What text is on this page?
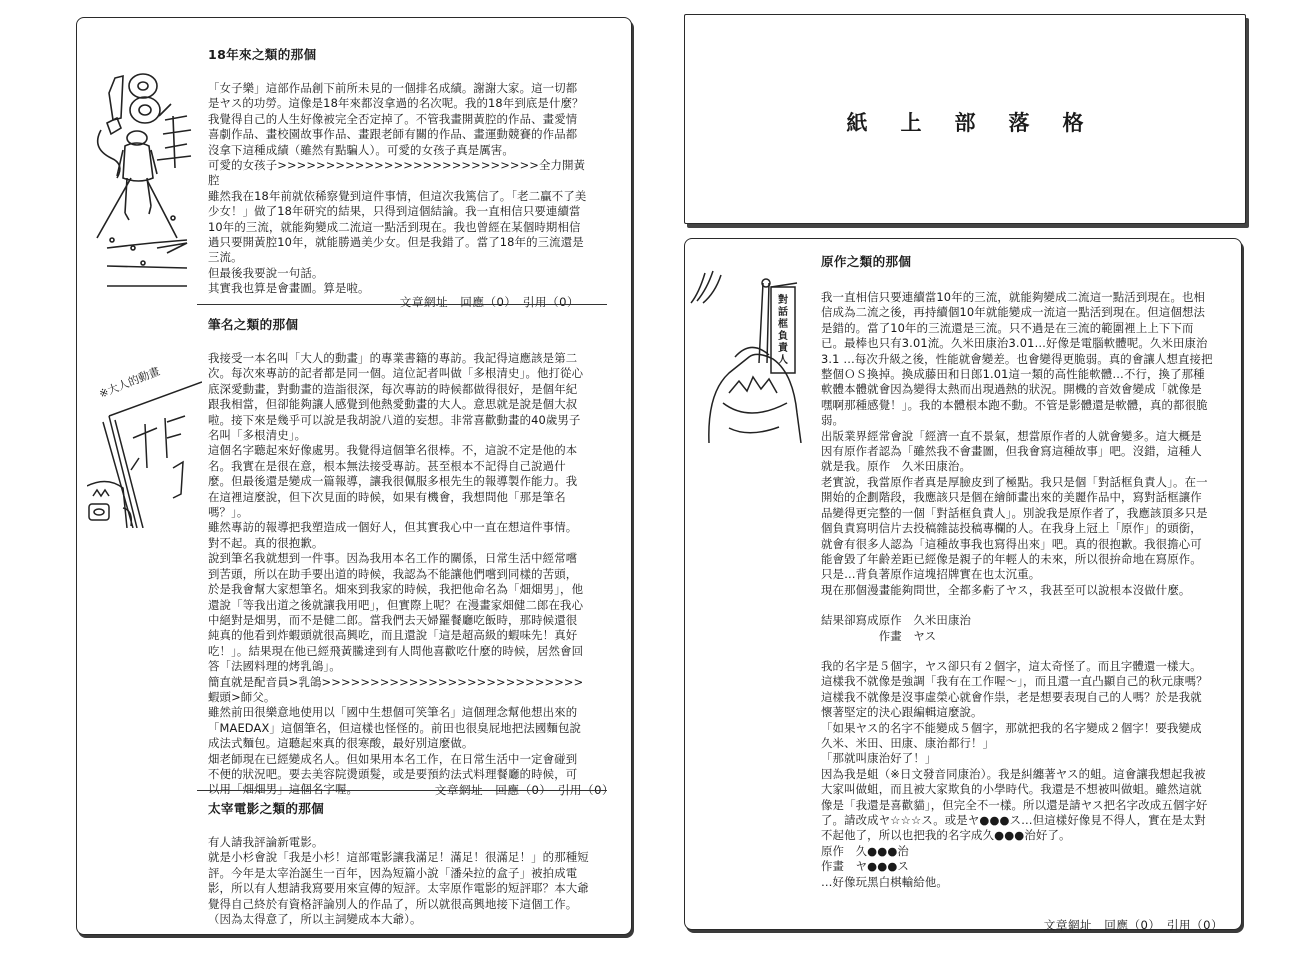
※大人的動畫
18年來之類的那個

「女子樂」這部作品創下前所未見的一個排名成績。謝謝大家。這一切都是ヤス的功勞。這像是18年來都沒拿過的名次呢。我的18年到底是什麼？我覺得自己的人生好像被完全否定掉了。不管我畫開黃腔的作品、畫愛情喜劇作品、畫校園故事作品、畫跟老師有關的作品、畫運動競賽的作品都沒拿下這種成績（雖然有點騙人）。可愛的女孩子真是厲害。

可愛的女孩子>>>>>>>>>>>>>>>>>>>>>>>>>>>全力開黃腔

雖然我在18年前就依稀察覺到這件事情，但這次我篤信了。「老二贏不了美少女！」做了18年研究的結果，只得到這個結論。我一直相信只要連續當10年的三流，就能夠變成二流這一點活到現在。我也曾經在某個時期相信過只要開黃腔10年，就能勝過美少女。但是我錯了。當了18年的三流還是三流。

但最後我要說一句話。

其實我也算是會畫圖。算是啦。

文章網址　 回應（0）　 引用（0）

筆名之類的那個

我接受一本名叫「大人的動畫」的專業書籍的專訪。我記得這應該是第二次。每次來專訪的記者都是同一個。這位記者叫做「多根清史」。他打從心底深愛動畫，對動畫的造詣很深，每次專訪的時候都做得很好，是個年紀跟我相當，但卻能夠讓人感覺到他熱愛動畫的大人。意思就是說是個大叔啦。接下來是幾乎可以說是我胡說八道的妄想。非常喜歡動畫的40歲男子名叫「多根清史」。

這個名字聽起來好像處男。我覺得這個筆名很棒。不，這說不定是他的本名。我實在是很在意，根本無法接受專訪。甚至根本不記得自己說過什麼。但最後還是變成一篇報導，讓我很佩服多根先生的報導製作能力。我在這裡這麼說，但下次見面的時候，如果有機會，我想問他「那是筆名嗎？」。

雖然專訪的報導把我塑造成一個好人，但其實我心中一直在想這件事情。對不起。真的很抱歉。

說到筆名我就想到一件事。因為我用本名工作的關係，日常生活中經常嚐到苦頭，所以在助手要出道的時候，我認為不能讓他們嚐到同樣的苦頭，於是我會幫大家想筆名。畑來到我家的時候，我把他命名為「畑畑男」，他還說「等我出道之後就讓我用吧」，但實際上呢？在漫畫家畑健二郎在我心中絕對是畑男，而不是健二郎。當我們去天婦羅餐廳吃飯時，那時候還很純真的他看到炸蝦頭就很高興吃，而且還說「這是超高級的蝦味先！真好吃！」。結果現在他已經飛黃騰達到有人問他喜歡吃什麼的時候，居然會回答「法國料理的烤乳鴿」。

簡直就是配音員>乳鴿>>>>>>>>>>>>>>>>>>>>>>>>>>>蝦頭>師父。

雖然前田很樂意地使用以「國中生想個可笑筆名」這個理念幫他想出來的「MAEDAX」這個筆名，但這樣也怪怪的。前田也很臭屁地把法國麵包說成法式麵包。這聽起來真的很寒酸，最好別這麼做。

畑老師現在已經變成名人。但如果用本名工作，在日常生活中一定會碰到不便的狀況吧。要去美容院燙頭髮，或是要預約法式料理餐廳的時候，可以用「畑畑男」這個名字喔。	文章網址　 回應（0）　 引用（0）

太宰電影之類的那個

有人請我評論新電影。

就是小杉會說「我是小杉！這部電影讓我滿足！滿足！很滿足！」的那種短評。今年是太宰治誕生一百年，因為短篇小說「潘朵拉的盒子」被拍成電影，所以有人想請我寫要用來宣傳的短評。太宰原作電影的短評耶？本大爺覺得自己終於有資格評論別人的作品了，所以就很高興地接下這個工作。（因為太得意了，所以主詞變成本大爺）。

紙上部落格
對
話
框
負
責
人
原作之類的那個

我一直相信只要連續當10年的三流，就能夠變成二流這一點活到現在。也相信成為二流之後，再持續個10年就能變成一流這一點活到現在。但這個想法是錯的。當了10年的三流還是三流。只不過是在三流的範圍裡上上下下而已。最棒也只有3.01流。久米田康治3.01…好像是電腦軟體呢。久米田康治 3.1 …每次升級之後，性能就會變差。也會變得更脆弱。真的會讓人想直接把整個ＯＳ換掉。換成藤田和日郎1.01這一類的高性能軟體…不行，換了那種軟體本體就會因為變得太熱而出現過熱的狀況。開機的音效會變成「就像是嘿啊那種感覺！」。我的本體根本跑不動。不管是影體還是軟體，真的都很脆弱。

出版業界經常會說「經濟一直不景氣，想當原作者的人就會變多。這大概是因有原作者認為「雖然我不會畫圖，但我會寫這種故事」吧。沒錯，這種人就是我。原作　久米田康治。

老實說，我當原作者真是厚臉皮到了極點。我只是個「對話框負責人」。在一開始的企劃階段，我應該只是個在繪師畫出來的美麗作品中，寫對話框讓作品變得更完整的一個「對話框負責人」。別說我是原作者了，我應該頂多只是個負責寫明信片去投稿雜誌投稿專欄的人。在我身上冠上「原作」的頭銜，就會有很多人認為「這種故事我也寫得出來」吧。真的很抱歉。我很擔心可能會毀了年齡差距已經像是親子的年輕人的未來，所以很拚命地在寫原作。

只是…背負著原作這塊招牌實在也太沉重。

現在那個漫畫能夠問世，全都多虧了ヤス，我甚至可以說根本沒做什麼。

結果卻寫成原作　久米田康治

　　　　　作畫　ヤス

我的名字是５個字，ヤス卻只有２個字，這太奇怪了。而且字體還一樣大。這樣我不就像是強調「我有在工作喔～」，而且還一直凸顯自己的秋元康嗎？這樣我不就像是沒事虛榮心就會作祟，老是想要表現自己的人嗎？於是我就懷著堅定的決心跟編輯這麼說。

「如果ヤス的名字不能變成５個字，那就把我的名字變成２個字！要我變成久米、米田、田康、康治都行！」

「那就叫康治好了！」

因為我是蛆（※日文發音同康治）。我是糾纏著ヤス的蛆。這會讓我想起我被大家叫做蛆，而且被大家欺負的小學時代。我還是不想被叫做蛆。雖然這就像是「我還是喜歡貓」，但完全不一樣。所以還是請ヤス把名字改成五個字好了。請改成ヤ☆☆☆ス。或是ヤ●●●ス…但這樣好像見不得人，實在是太對不起他了，所以也把我的名字成久●●●治好了。

原作　久●●●治

作畫　ヤ●●●ス

…好像玩黑白棋輸給他。

文章網址　 回應（0）　 引用（0）
